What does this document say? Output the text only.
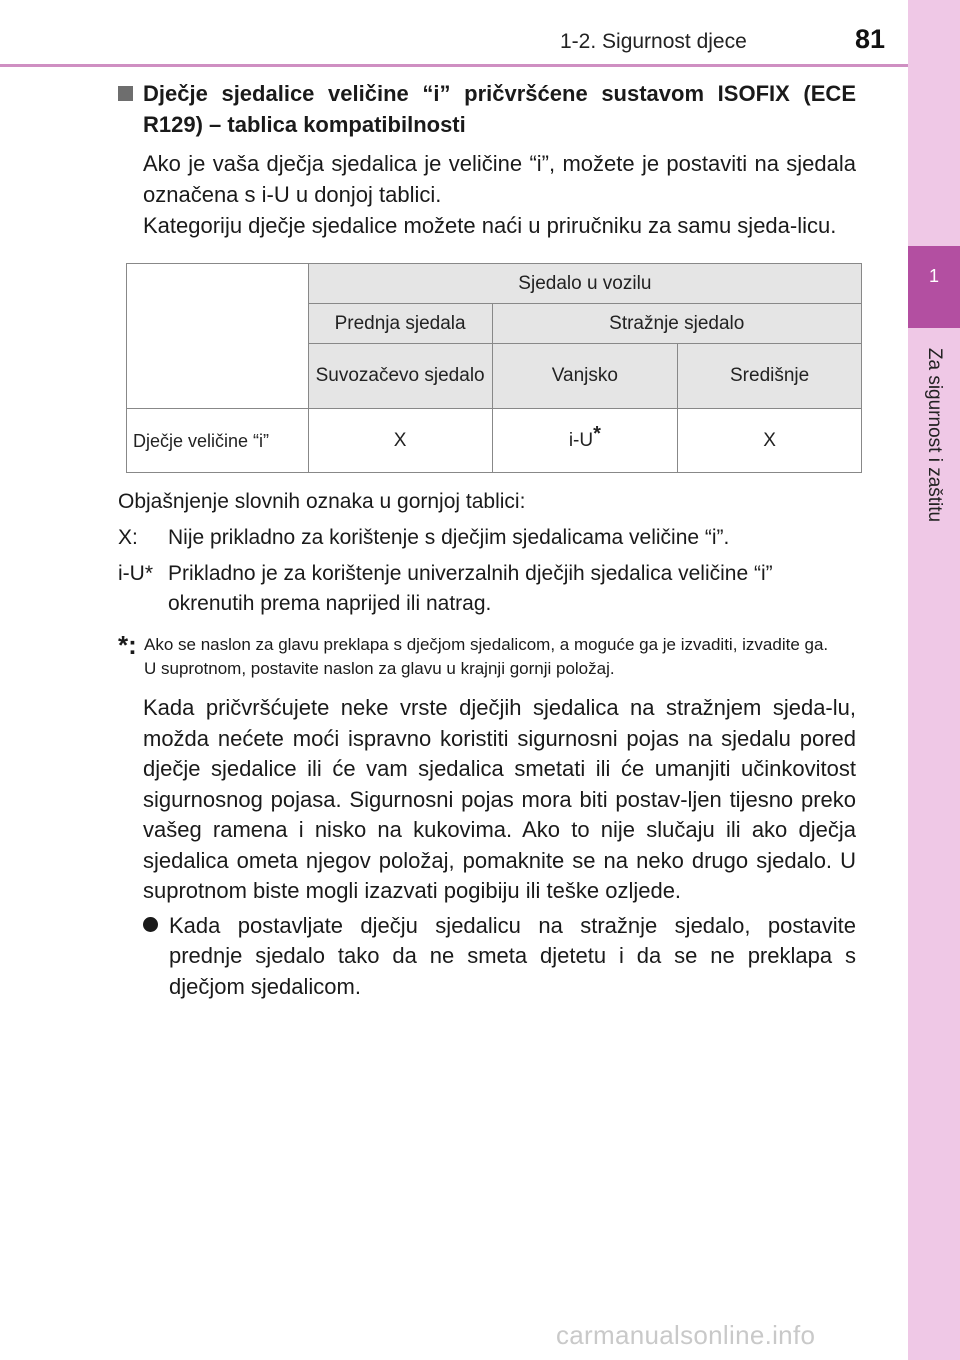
1-2. Sigurnost djece	81
1
Za sigurnost i zaštitu
Dječje sjedalice veličine “i” pričvršćene sustavom ISOFIX (ECE R129) – tablica kompatibilnosti

Ako je vaša dječja sjedalica je veličine “i”, možete je postaviti na sjedala označena s i-U u donjoj tablici.

Kategoriju dječje sjedalice možete naći u priručniku za samu sjeda-licu.

	Sjedalo u vozilu		
	Prednja sjedala	Stražnje sjedalo	
	Suvozačevo sjedalo	Vanjsko	Središnje
Dječje veličine “i”	X	i-U*	X
Objašnjenje slovnih oznaka u gornjoj tablici:
X:	Nije prikladno za korištenje s dječjim sjedalicama veličine “i”.
i-U* Prikladno je za korištenje univerzalnih dječjih sjedalica veličine “i” okrenutih prema naprijed ili natrag.
*: Ako se naslon za glavu preklapa s dječjom sjedalicom, a moguće ga je izvaditi, izvadite ga.

U suprotnom, postavite naslon za glavu u krajnji gornji položaj.

Kada pričvršćujete neke vrste dječjih sjedalica na stražnjem sjeda-lu, možda nećete moći ispravno koristiti sigurnosni pojas na sjedalu pored dječje sjedalice ili će vam sjedalica smetati ili će umanjiti učinkovitost sigurnosnog pojasa. Sigurnosni pojas mora biti postav-ljen tijesno preko vašeg ramena i nisko na kukovima. Ako to nije slučaju ili ako dječja sjedalica ometa njegov položaj, pomaknite se na neko drugo sjedalo. U suprotnom biste mogli izazvati pogibiju ili teške ozljede.
Kada postavljate dječju sjedalicu na stražnje sjedalo, postavite prednje sjedalo tako da ne smeta djetetu i da se ne preklapa s dječjom sjedalicom.
carmanualsonline.info
